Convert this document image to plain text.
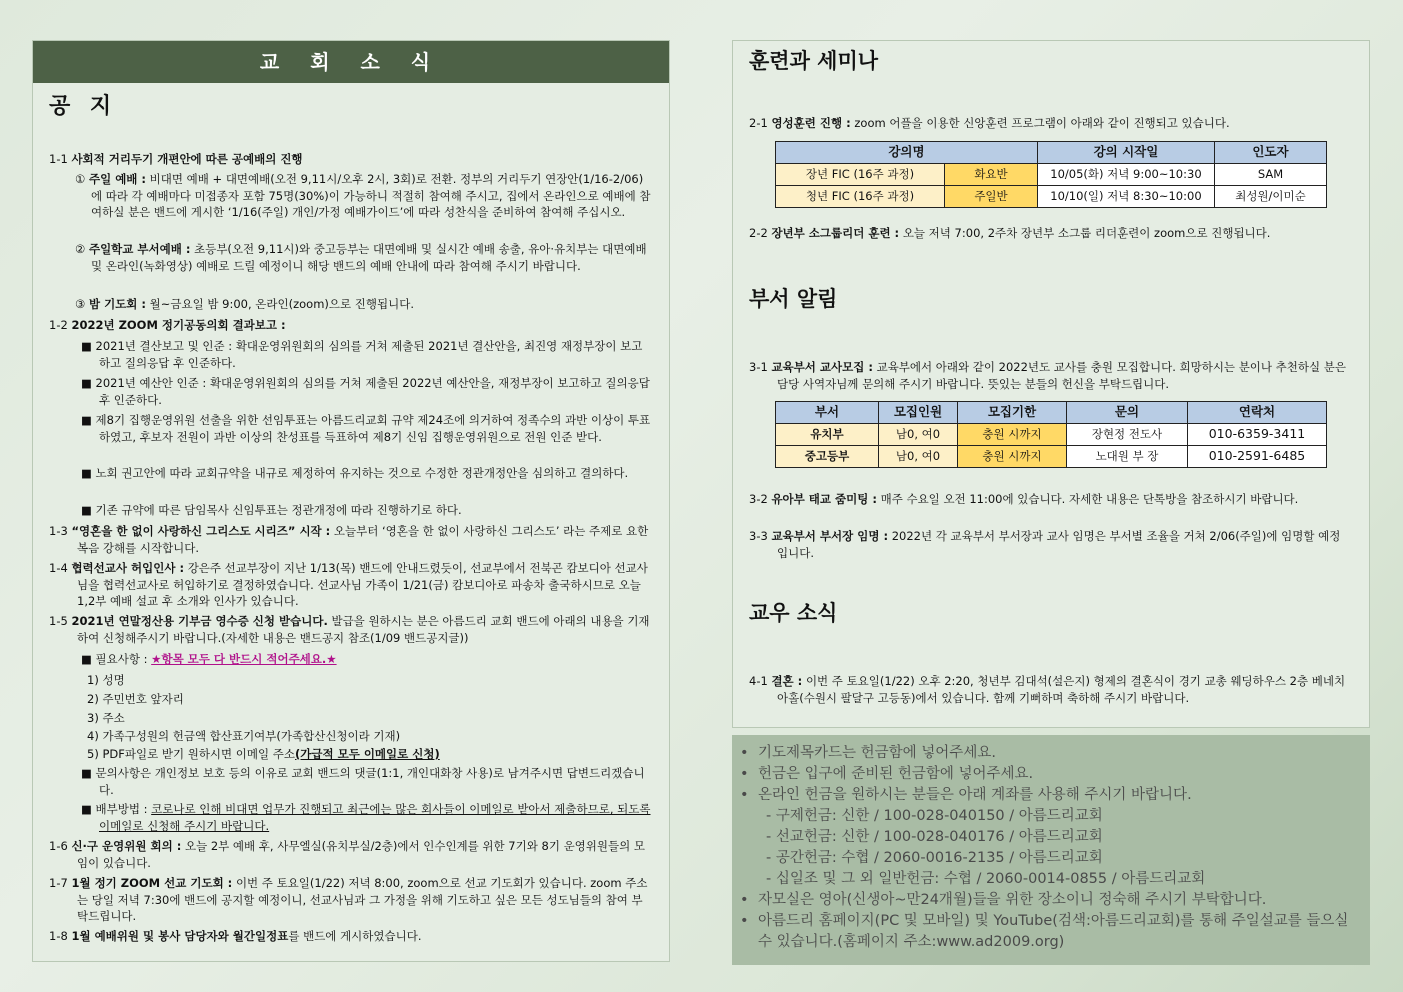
교 회 소 식
공 지
1-1 사회적 거리두기 개편안에 따른 공예배의 진행
① 주일 예배 : 비대면 예배 + 대면예배(오전 9,11시/오후 2시, 3회)로 전환. 정부의 거리두기 연장안(1/16-2/06)에 따라 각 예배마다 미접종자 포함 75명(30%)이 가능하니 적절히 참여해 주시고, 집에서 온라인으로 예배에 참여하실 분은 밴드에 게시한 ‘1/16(주일) 개인/가정 예배가이드’에 따라 성찬식을 준비하여 참여해 주십시오.
② 주일학교 부서예배 : 초등부(오전 9,11시)와 중고등부는 대면예배 및 실시간 예배 송출, 유아·유치부는 대면예배 및 온라인(녹화영상) 예배로 드릴 예정이니 해당 밴드의 예배 안내에 따라 참여해 주시기 바랍니다.
③ 밤 기도회 : 월~금요일 밤 9:00, 온라인(zoom)으로 진행됩니다.
1-2 2022년 ZOOM 정기공동의회 결과보고 :
■ 2021년 결산보고 및 인준 : 확대운영위원회의 심의를 거쳐 제출된 2021년 결산안을, 최진영 재정부장이 보고하고 질의응답 후 인준하다.
■ 2021년 예산안 인준 : 확대운영위원회의 심의를 거쳐 제출된 2022년 예산안을, 재정부장이 보고하고 질의응답 후 인준하다.
■ 제8기 집행운영위원 선출을 위한 선임투표는 아름드리교회 규약 제24조에 의거하여 정족수의 과반 이상이 투표하였고, 후보자 전원이 과반 이상의 찬성표를 득표하여 제8기 신임 집행운영위원으로 전원 인준 받다.
■ 노회 권고안에 따라 교회규약을 내규로 제정하여 유지하는 것으로 수정한 정관개정안을 심의하고 결의하다.
■ 기존 규약에 따른 담임목사 신임투표는 정관개정에 따라 진행하기로 하다.
1-3 “영혼을 한 없이 사랑하신 그리스도 시리즈” 시작 : 오늘부터 ‘영혼을 한 없이 사랑하신 그리스도’ 라는 주제로 요한복음 강해를 시작합니다.
1-4 협력선교사 허입인사 : 강은주 선교부장이 지난 1/13(목) 밴드에 안내드렸듯이, 선교부에서 전북곤 캄보디아 선교사님을 협력선교사로 허입하기로 결정하였습니다. 선교사님 가족이 1/21(금) 캄보디아로 파송차 출국하시므로 오늘 1,2부 예배 설교 후 소개와 인사가 있습니다.
1-5 2021년 연말정산용 기부금 영수증 신청 받습니다. 발급을 원하시는 분은 아름드리 교회 밴드에 아래의 내용을 기재하여 신청해주시기 바랍니다.(자세한 내용은 밴드공지 참조(1/09 밴드공지글))
■ 필요사항 : ★항목 모두 다 반드시 적어주세요.★
1) 성명
2) 주민번호 앞자리
3) 주소
4) 가족구성원의 헌금액 합산표기여부(가족합산신청이라 기재)
5) PDF파일로 받기 원하시면 이메일 주소(가급적 모두 이메일로 신청)
■ 문의사항은 개인정보 보호 등의 이유로 교회 밴드의 댓글(1:1, 개인대화창 사용)로 남겨주시면 답변드리겠습니다.
■ 배부방법 : 코로나로 인해 비대면 업무가 진행되고 최근에는 많은 회사들이 이메일로 받아서 제출하므로, 되도록 이메일로 신청해 주시기 바랍니다.
1-6 신·구 운영위원 회의 : 오늘 2부 예배 후, 사무엘실(유치부실/2층)에서 인수인계를 위한 7기와 8기 운영위원들의 모임이 있습니다.
1-7 1월 정기 ZOOM 선교 기도회 : 이번 주 토요일(1/22) 저녁 8:00, zoom으로 선교 기도회가 있습니다. zoom 주소는 당일 저녁 7:30에 밴드에 공지할 예정이니, 선교사님과 그 가정을 위해 기도하고 싶은 모든 성도님들의 참여 부탁드립니다.
1-8 1월 예배위원 및 봉사 담당자와 월간일정표를 밴드에 게시하였습니다.
훈련과 세미나
2-1 영성훈련 진행 : zoom 어플을 이용한 신앙훈련 프로그램이 아래와 같이 진행되고 있습니다.
강의명		강의 시작일	인도자
장년 FIC (16주 과정)	화요반	10/05(화) 저녁 9:00~10:30	SAM
청년 FIC (16주 과정)	주일반	10/10(일) 저녁 8:30~10:00	최성원/이미순
2-2 장년부 소그룹리더 훈련 : 오늘 저녁 7:00, 2주차 장년부 소그룹 리더훈련이 zoom으로 진행됩니다.
부서 알림
3-1 교육부서 교사모집 : 교육부에서 아래와 같이 2022년도 교사를 충원 모집합니다. 희망하시는 분이나 추천하실 분은 담당 사역자님께 문의해 주시기 바랍니다. 뜻있는 분들의 헌신을 부탁드립니다.
부서	모집인원	모집기한	문의	연락처
유치부	남0, 여0	충원 시까지	장현정 전도사	010-6359-3411
중고등부	남0, 여0	충원 시까지	노대원 부 장	010-2591-6485
3-2 유아부 태교 줌미팅 : 매주 수요일 오전 11:00에 있습니다. 자세한 내용은 단톡방을 참조하시기 바랍니다.
3-3 교육부서 부서장 임명 : 2022년 각 교육부서 부서장과 교사 임명은 부서별 조율을 거쳐 2/06(주일)에 임명할 예정입니다.
교우 소식
4-1 결혼 : 이번 주 토요일(1/22) 오후 2:20, 청년부 김대석(설은지) 형제의 결혼식이 경기 교총 웨딩하우스 2층 베네치아홀(수원시 팔달구 고등동)에서 있습니다. 함께 기뻐하며 축하해 주시기 바랍니다.
• 기도제목카드는 헌금함에 넣어주세요.
• 헌금은 입구에 준비된 헌금함에 넣어주세요.
• 온라인 헌금을 원하시는 분들은 아래 계좌를 사용해 주시기 바랍니다.
- 구제헌금: 신한 / 100-028-040150 / 아름드리교회
- 선교헌금: 신한 / 100-028-040176 / 아름드리교회
- 공간헌금: 수협 / 2060-0016-2135 / 아름드리교회
- 십일조 및 그 외 일반헌금: 수협 / 2060-0014-0855 / 아름드리교회
• 자모실은 영아(신생아~만24개월)들을 위한 장소이니 정숙해 주시기 부탁합니다.
• 아름드리 홈페이지(PC 및 모바일) 및 YouTube(검색:아름드리교회)를 통해 주일설교를 들으실 수 있습니다.(홈페이지 주소:www.ad2009.org)
